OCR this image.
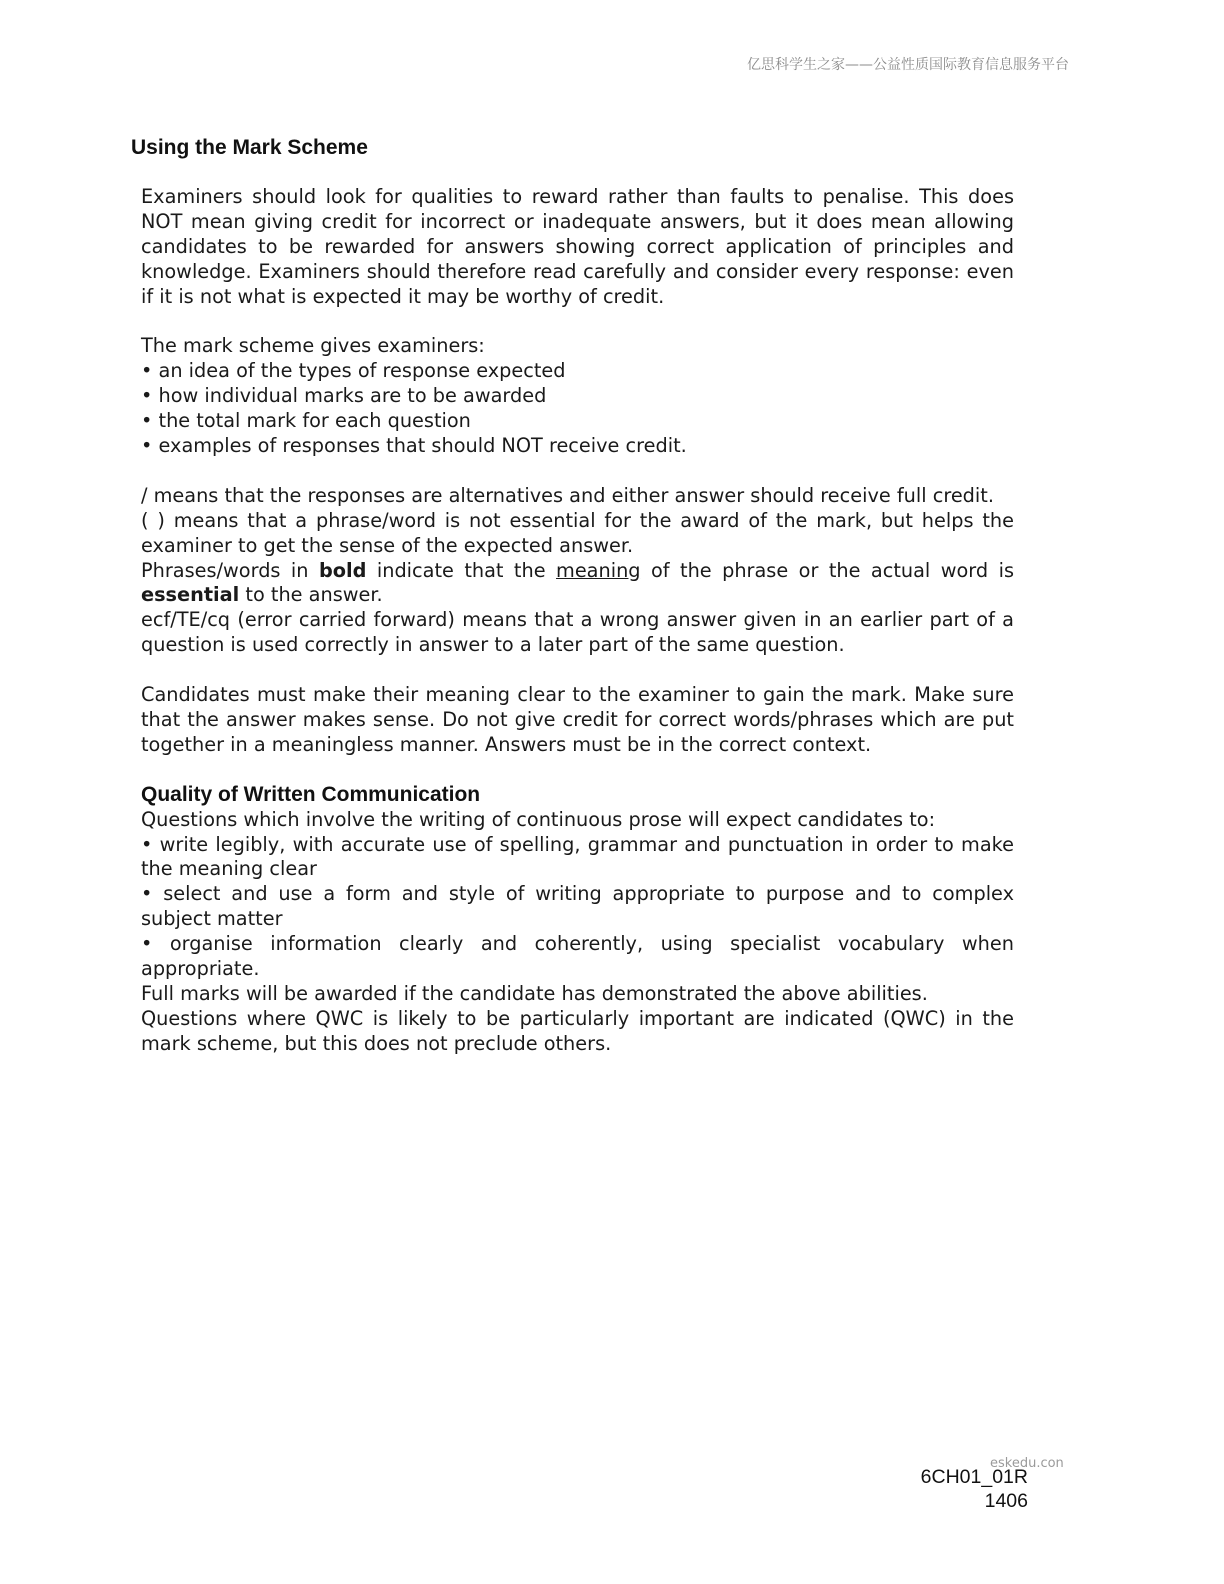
亿思科学生之家——公益性质国际教育信息服务平台
Using the Mark Scheme

Examiners should look for qualities to reward rather than faults to penalise. This does NOT mean giving credit for incorrect or inadequate answers, but it does mean allowing candidates to be rewarded for answers showing correct application of principles and knowledge. Examiners should therefore read carefully and consider every response: even if it is not what is expected it may be worthy of credit.

The mark scheme gives examiners:

• an idea of the types of response expected

• how individual marks are to be awarded

• the total mark for each question

• examples of responses that should NOT receive credit.

/ means that the responses are alternatives and either answer should receive full credit.

( ) means that a phrase/word is not essential for the award of the mark, but helps the examiner to get the sense of the expected answer.

Phrases/words in bold indicate that the meaning of the phrase or the actual word is essential to the answer.

ecf/TE/cq (error carried forward) means that a wrong answer given in an earlier part of a question is used correctly in answer to a later part of the same question.

Candidates must make their meaning clear to the examiner to gain the mark. Make sure that the answer makes sense. Do not give credit for correct words/phrases which are put together in a meaningless manner. Answers must be in the correct context.

Quality of Written Communication

Questions which involve the writing of continuous prose will expect candidates to:

• write legibly, with accurate use of spelling, grammar and punctuation in order to make the meaning clear

• select and use a form and style of writing appropriate to purpose and to complex subject matter

• organise information clearly and coherently, using specialist vocabulary when appropriate.

Full marks will be awarded if the candidate has demonstrated the above abilities.

Questions where QWC is likely to be particularly important are indicated (QWC) in the mark scheme, but this does not preclude others.

eskedu.con
6CH01_01R
1406
